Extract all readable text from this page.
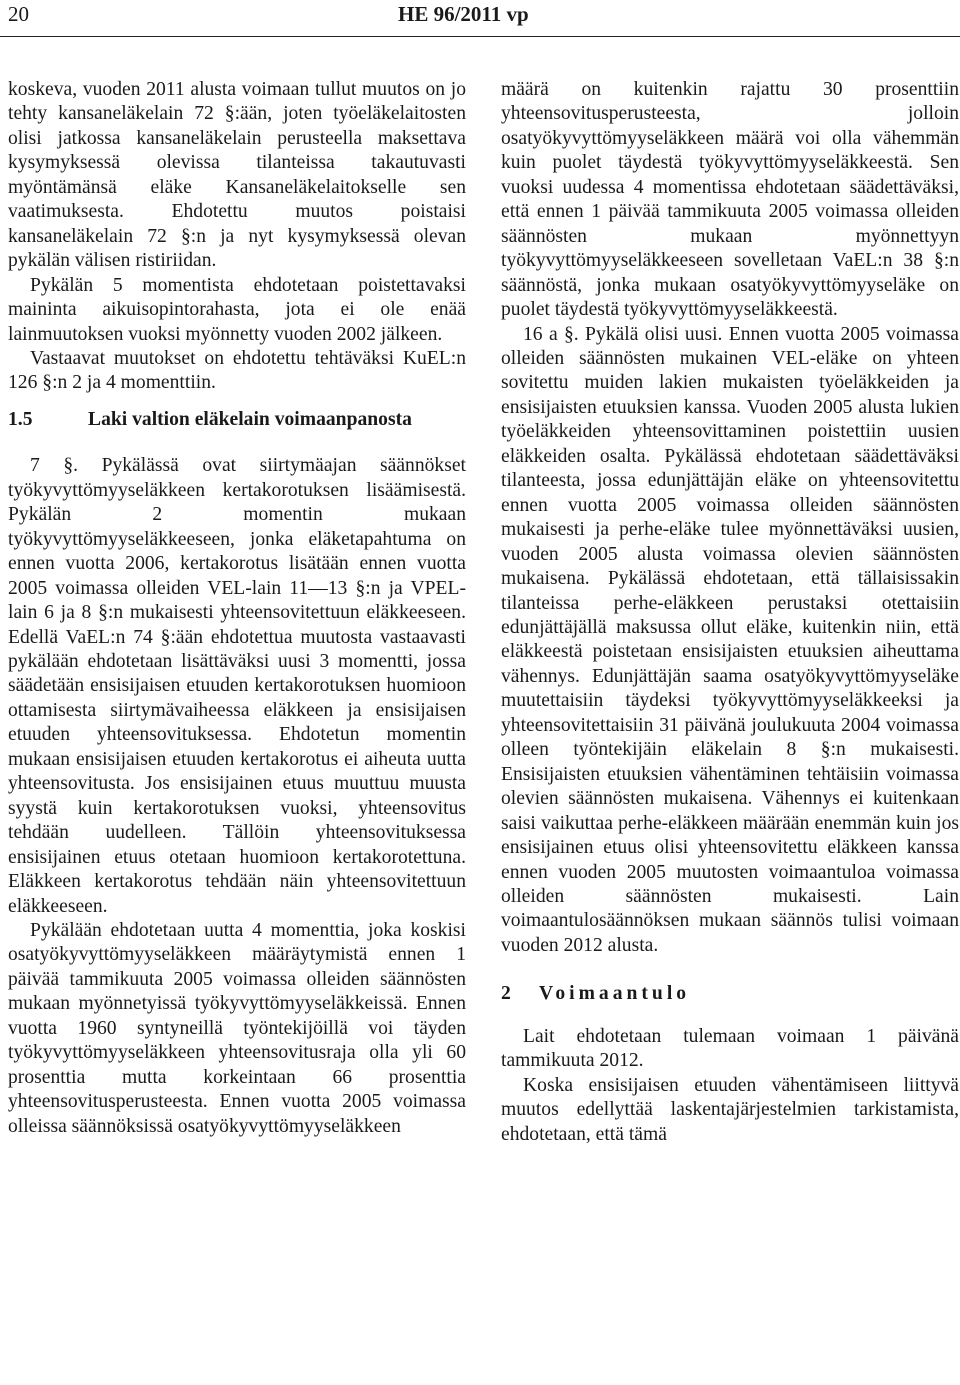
20	HE 96/2011 vp

koskeva, vuoden 2011 alusta voimaan tullut muutos on jo tehty kansaneläkelain 72 §:ään, joten työeläkelaitosten olisi jatkossa kansaneläkelain perusteella maksettava kysymyksessä olevissa tilanteissa takautuvasti myöntämänsä eläke Kansaneläkelaitokselle sen vaatimuksesta. Ehdotettu muutos poistaisi kansaneläkelain 72 §:n ja nyt kysymyksessä olevan pykälän välisen ristiriidan.

Pykälän 5 momentista ehdotetaan poistettavaksi maininta aikuisopintorahasta, jota ei ole enää lainmuutoksen vuoksi myönnetty vuoden 2002 jälkeen.

Vastaavat muutokset on ehdotettu tehtäväksi KuEL:n 126 §:n 2 ja 4 momenttiin.

1.5	Laki valtion eläkelain voimaanpanosta

7 §. Pykälässä ovat siirtymäajan säännökset työkyvyttömyyseläkkeen kertakorotuksen lisäämisestä. Pykälän 2 momentin mukaan työkyvyttömyyseläkkeeseen, jonka eläketapahtuma on ennen vuotta 2006, kertakorotus lisätään ennen vuotta 2005 voimassa olleiden VEL-lain 11—13 §:n ja VPEL-lain 6 ja 8 §:n mukaisesti yhteensovitettuun eläkkeeseen. Edellä VaEL:n 74 §:ään ehdotettua muutosta vastaavasti pykälään ehdotetaan lisättäväksi uusi 3 momentti, jossa säädetään ensisijaisen etuuden kertakorotuksen huomioon ottamisesta siirtymävaiheessa eläkkeen ja ensisijaisen etuuden yhteensovituksessa. Ehdotetun momentin mukaan ensisijaisen etuuden kertakorotus ei aiheuta uutta yhteensovitusta. Jos ensisijainen etuus muuttuu muusta syystä kuin kertakorotuksen vuoksi, yhteensovitus tehdään uudelleen. Tällöin yhteensovituksessa ensisijainen etuus otetaan huomioon kertakorotettuna. Eläkkeen kertakorotus tehdään näin yhteensovitettuun eläkkeeseen.

Pykälään ehdotetaan uutta 4 momenttia, joka koskisi osatyökyvyttömyyseläkkeen määräytymistä ennen 1 päivää tammikuuta 2005 voimassa olleiden säännösten mukaan myönnetyissä työkyvyttömyyseläkkeissä. Ennen vuotta 1960 syntyneillä työntekijöillä voi täyden työkyvyttömyyseläkkeen yhteensovitusraja olla yli 60 prosenttia mutta korkeintaan 66 prosenttia yhteensovitusperusteesta. Ennen vuotta 2005 voimassa olleissa säännöksissä osatyökyvyttömyyseläkkeen

määrä on kuitenkin rajattu 30 prosenttiin yhteensovitusperusteesta, jolloin osatyökyvyttömyyseläkkeen määrä voi olla vähemmän kuin puolet täydestä työkyvyttömyyseläkkeestä. Sen vuoksi uudessa 4 momentissa ehdotetaan säädettäväksi, että ennen 1 päivää tammikuuta 2005 voimassa olleiden säännösten mukaan myönnettyyn työkyvyttömyyseläkkeeseen sovelletaan VaEL:n 38 §:n säännöstä, jonka mukaan osatyökyvyttömyyseläke on puolet täydestä työkyvyttömyyseläkkeestä.

16 a §. Pykälä olisi uusi. Ennen vuotta 2005 voimassa olleiden säännösten mukainen VEL-eläke on yhteen sovitettu muiden lakien mukaisten työeläkkeiden ja ensisijaisten etuuksien kanssa. Vuoden 2005 alusta lukien työeläkkeiden yhteensovittaminen poistettiin uusien eläkkeiden osalta. Pykälässä ehdotetaan säädettäväksi tilanteesta, jossa edunjättäjän eläke on yhteensovitettu ennen vuotta 2005 voimassa olleiden säännösten mukaisesti ja perhe-eläke tulee myönnettäväksi uusien, vuoden 2005 alusta voimassa olevien säännösten mukaisena. Pykälässä ehdotetaan, että tällaisissakin tilanteissa perhe-eläkkeen perustaksi otettaisiin edunjättäjällä maksussa ollut eläke, kuitenkin niin, että eläkkeestä poistetaan ensisijaisten etuuksien aiheuttama vähennys. Edunjättäjän saama osatyökyvyttömyyseläke muutettaisiin täydeksi työkyvyttömyyseläkkeeksi ja yhteensovitettaisiin 31 päivänä joulukuuta 2004 voimassa olleen työntekijäin eläkelain 8 §:n mukaisesti. Ensisijaisten etuuksien vähentäminen tehtäisiin voimassa olevien säännösten mukaisena. Vähennys ei kuitenkaan saisi vaikuttaa perhe-eläkkeen määrään enemmän kuin jos ensisijainen etuus olisi yhteensovitettu eläkkeen kanssa ennen vuoden 2005 muutosten voimaantuloa voimassa olleiden säännösten mukaisesti. Lain voimaantulosäännöksen mukaan säännös tulisi voimaan vuoden 2012 alusta.

2 Voimaantulo

Lait ehdotetaan tulemaan voimaan 1 päivänä tammikuuta 2012.

Koska ensisijaisen etuuden vähentämiseen liittyvä muutos edellyttää laskentajärjestelmien tarkistamista, ehdotetaan, että tämä
